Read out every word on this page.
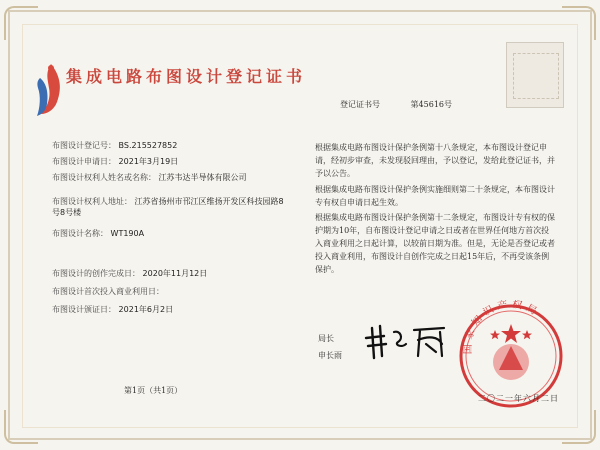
集成电路布图设计登记证书
登记证书号	第45616号
布图设计登记号： BS.215527852
布图设计申请日： 2021年3月19日
布图设计权利人姓名或名称： 江苏韦达半导体有限公司
布图设计权利人地址： 江苏省扬州市邗江区维扬开发区科技园路8号8号楼
布图设计名称： WT190A
布图设计的创作完成日： 2020年11月12日
布图设计首次投入商业利用日：
布图设计颁证日： 2021年6月2日
根据集成电路布图设计保护条例第十八条规定，本布图设计登记申请，经初步审查，未发现驳回理由，予以登记，发给此登记证书，并予以公告。
根据集成电路布图设计保护条例实施细则第二十条规定，本布图设计专有权自申请日起生效。
根据集成电路布图设计保护条例第十二条规定，布图设计专有权的保护期为10年，自布图设计登记申请之日或者在世界任何地方首次投入商业利用之日起计算，以较前日期为准。但是，无论是否登记或者投入商业利用，布图设计自创作完成之日起15年后，不再受该条例保护。
第1页（共1页）
局长
申长雨
国家知识产权局
二〇二一年六月二日
